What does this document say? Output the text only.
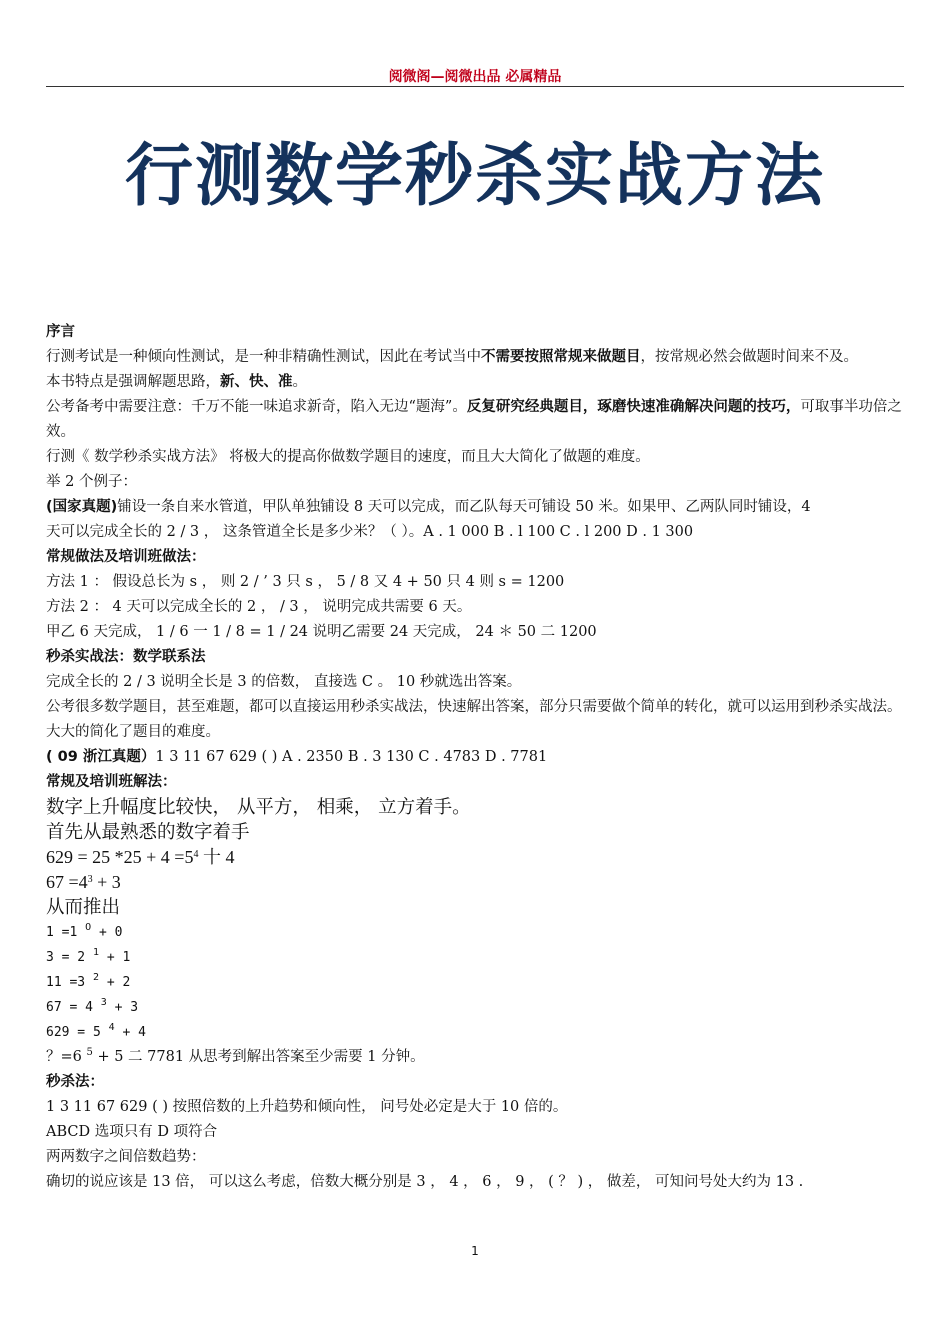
阅微阁—阅微出品 必属精品
行测数学秒杀实战方法
序言
行测考试是一种倾向性测试，是一种非精确性测试，因此在考试当中不需要按照常规来做题目，按常规必然会做题时间来不及。
本书特点是强调解题思路，新、快、准。
公考备考中需要注意：千万不能一味追求新奇，陷入无边“题海”。反复研究经典题目，琢磨快速准确解决问题的技巧，可取事半功倍之效。
行测《 数学秒杀实战方法》 将极大的提高你做数学题目的速度，而且大大简化了做题的难度。
举 2 个例子：
(国家真题)铺设一条自来水管道，甲队单独铺设 8 天可以完成，而乙队每天可铺设 50 米。如果甲、乙两队同时铺设，4
天可以完成全长的 2 / 3 ， 这条管道全长是多少米？（ ）。A . 1 000 B . l 100 C . l 200 D . 1 300
常规做法及培训班做法：
方法 1 ： 假设总长为 s ， 则 2 / ’ 3 只 s ， 5 / 8 又 4 + 50 只 4 则 s = 1200
方法 2 ： 4 天可以完成全长的 2 ， / 3 ， 说明完成共需要 6 天。
甲乙 6 天完成， 1 / 6 一 1 / 8 = 1 / 24 说明乙需要 24 天完成， 24 ＊ 50 二 1200
秒杀实战法：数学联系法
完成全长的 2 / 3 说明全长是 3 的倍数， 直接选 C 。 10 秒就选出答案。
公考很多数学题目，甚至难题，都可以直接运用秒杀实战法，快速解出答案，部分只需要做个简单的转化，就可以运用到秒杀实战法。大大的简化了题目的难度。
( 09 浙江真题）1 3 11 67 629 ( ) A . 2350 B . 3 130 C . 4783 D . 7781
常规及培训班解法：
数字上升幅度比较快， 从平方， 相乘， 立方着手。
首先从最熟悉的数字着手
629 = 25 $*25 + 4 =5^4$ 十 4
$67 =4^3 + 3$
从而推出
1 =1 $^O$ + 0
3 = 2 $^1$ + 1
11 =3 $^2$ + 2
67 = 4 $^3$ + 3
629 = 5 $^4$ + 4
？=6 $^5$ + 5 二 7781 从思考到解出答案至少需要 1 分钟。
秒杀法：
1 3 11 67 629 ( ) 按照倍数的上升趋势和倾向性， 问号处必定是大于 10 倍的。
ABCD 选项只有 D 项符合
两两数字之间倍数趋势：
确切的说应该是 13 倍， 可以这么考虑，倍数大概分别是 3 ， 4 ， 6 ， 9 ， ( ？ ) ， 做差， 可知问号处大约为 13 .
1
